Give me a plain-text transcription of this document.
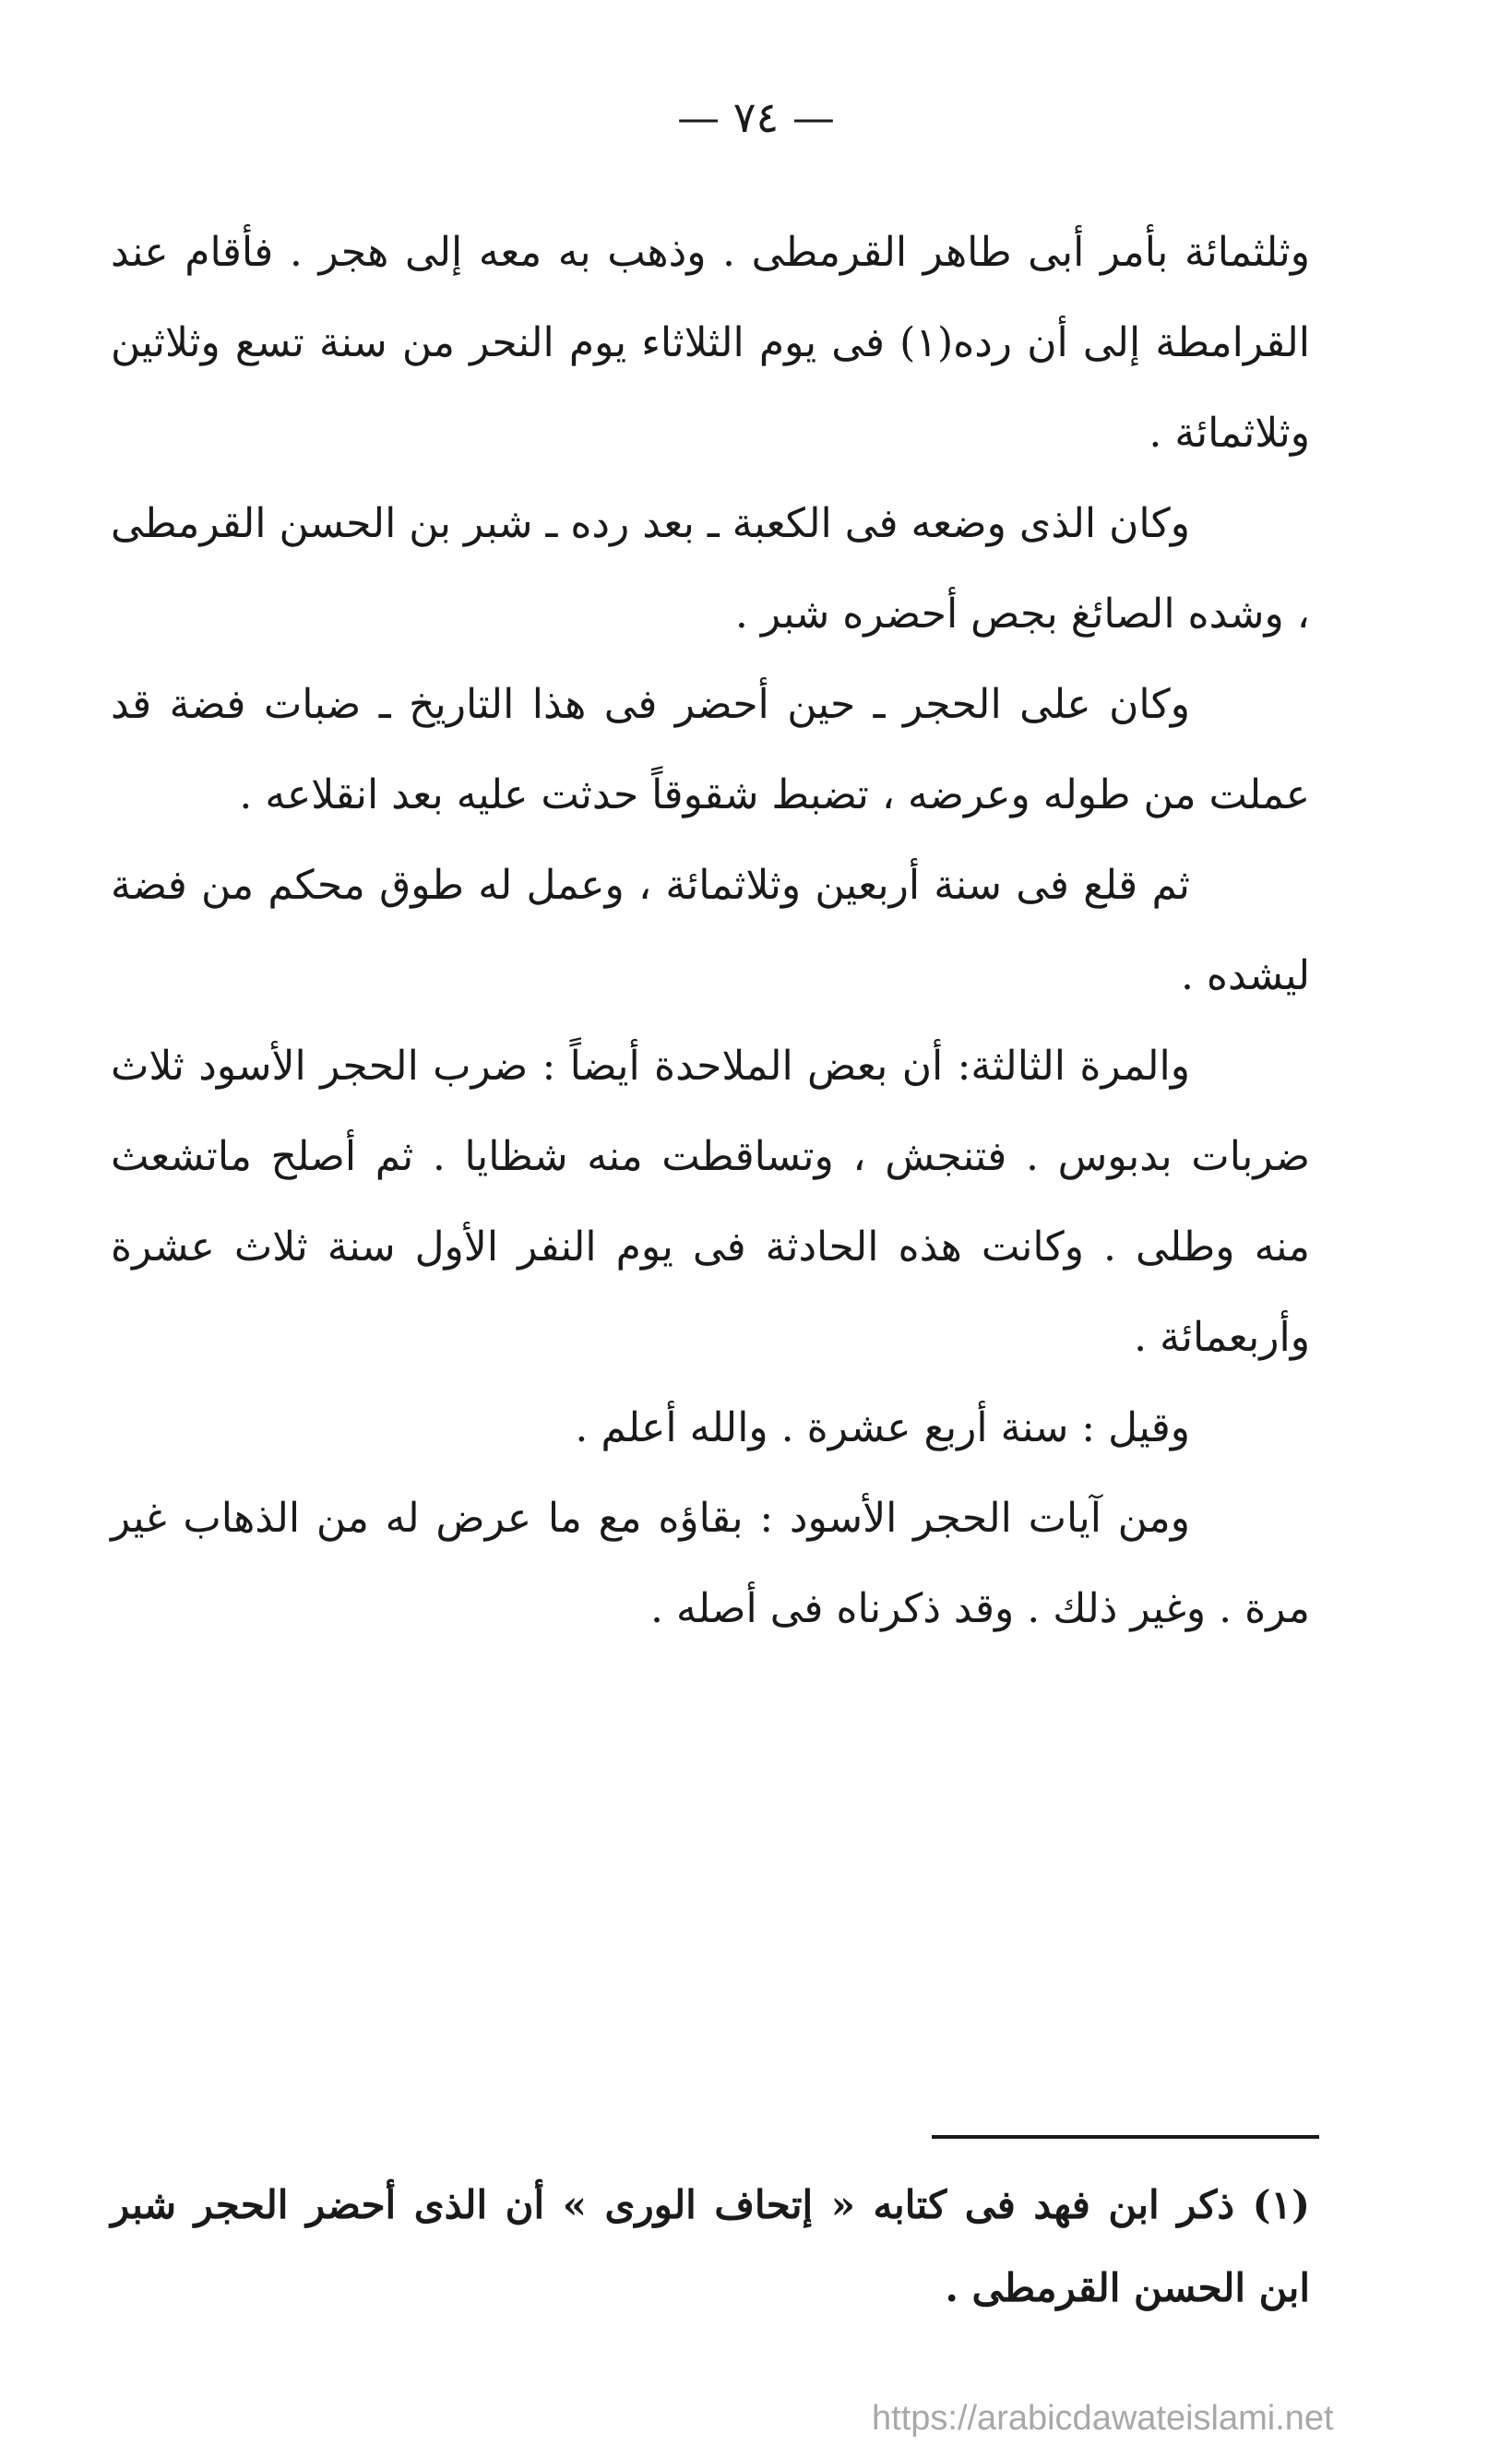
— ٧٤ —

وثلثمائة بأمر أبى طاهر القرمطى . وذهب به معه إلى هجر . فأقام عند القرامطة إلى أن رده(١) فى يوم الثلاثاء يوم النحر من سنة تسع وثلاثين وثلاثمائة .

وكان الذى وضعه فى الكعبة ـ بعد رده ـ شبر بن الحسن القرمطى ، وشده الصائغ بجص أحضره شبر .

وكان على الحجر ـ حين أحضر فى هذا التاريخ ـ ضبات فضة قد عملت من طوله وعرضه ، تضبط شقوقاً حدثت عليه بعد انقلاعه .

ثم قلع فى سنة أربعين وثلاثمائة ، وعمل له طوق محكم من فضة ليشده .

والمرة الثالثة: أن بعض الملاحدة أيضاً : ضرب الحجر الأسود ثلاث ضربات بدبوس . فتنجش ، وتساقطت منه شظايا . ثم أصلح ماتشعث منه وطلى . وكانت هذه الحادثة فى يوم النفر الأول سنة ثلاث عشرة وأربعمائة .

وقيل : سنة أربع عشرة . والله أعلم .

ومن آيات الحجر الأسود : بقاؤه مع ما عرض له من الذهاب غير مرة . وغير ذلك . وقد ذكرناه فى أصله .

(١) ذكر ابن فهد فى كتابه « إتحاف الورى » أن الذى أحضر الحجر شبر ابن الحسن القرمطى .

https://arabicdawateislami.net
